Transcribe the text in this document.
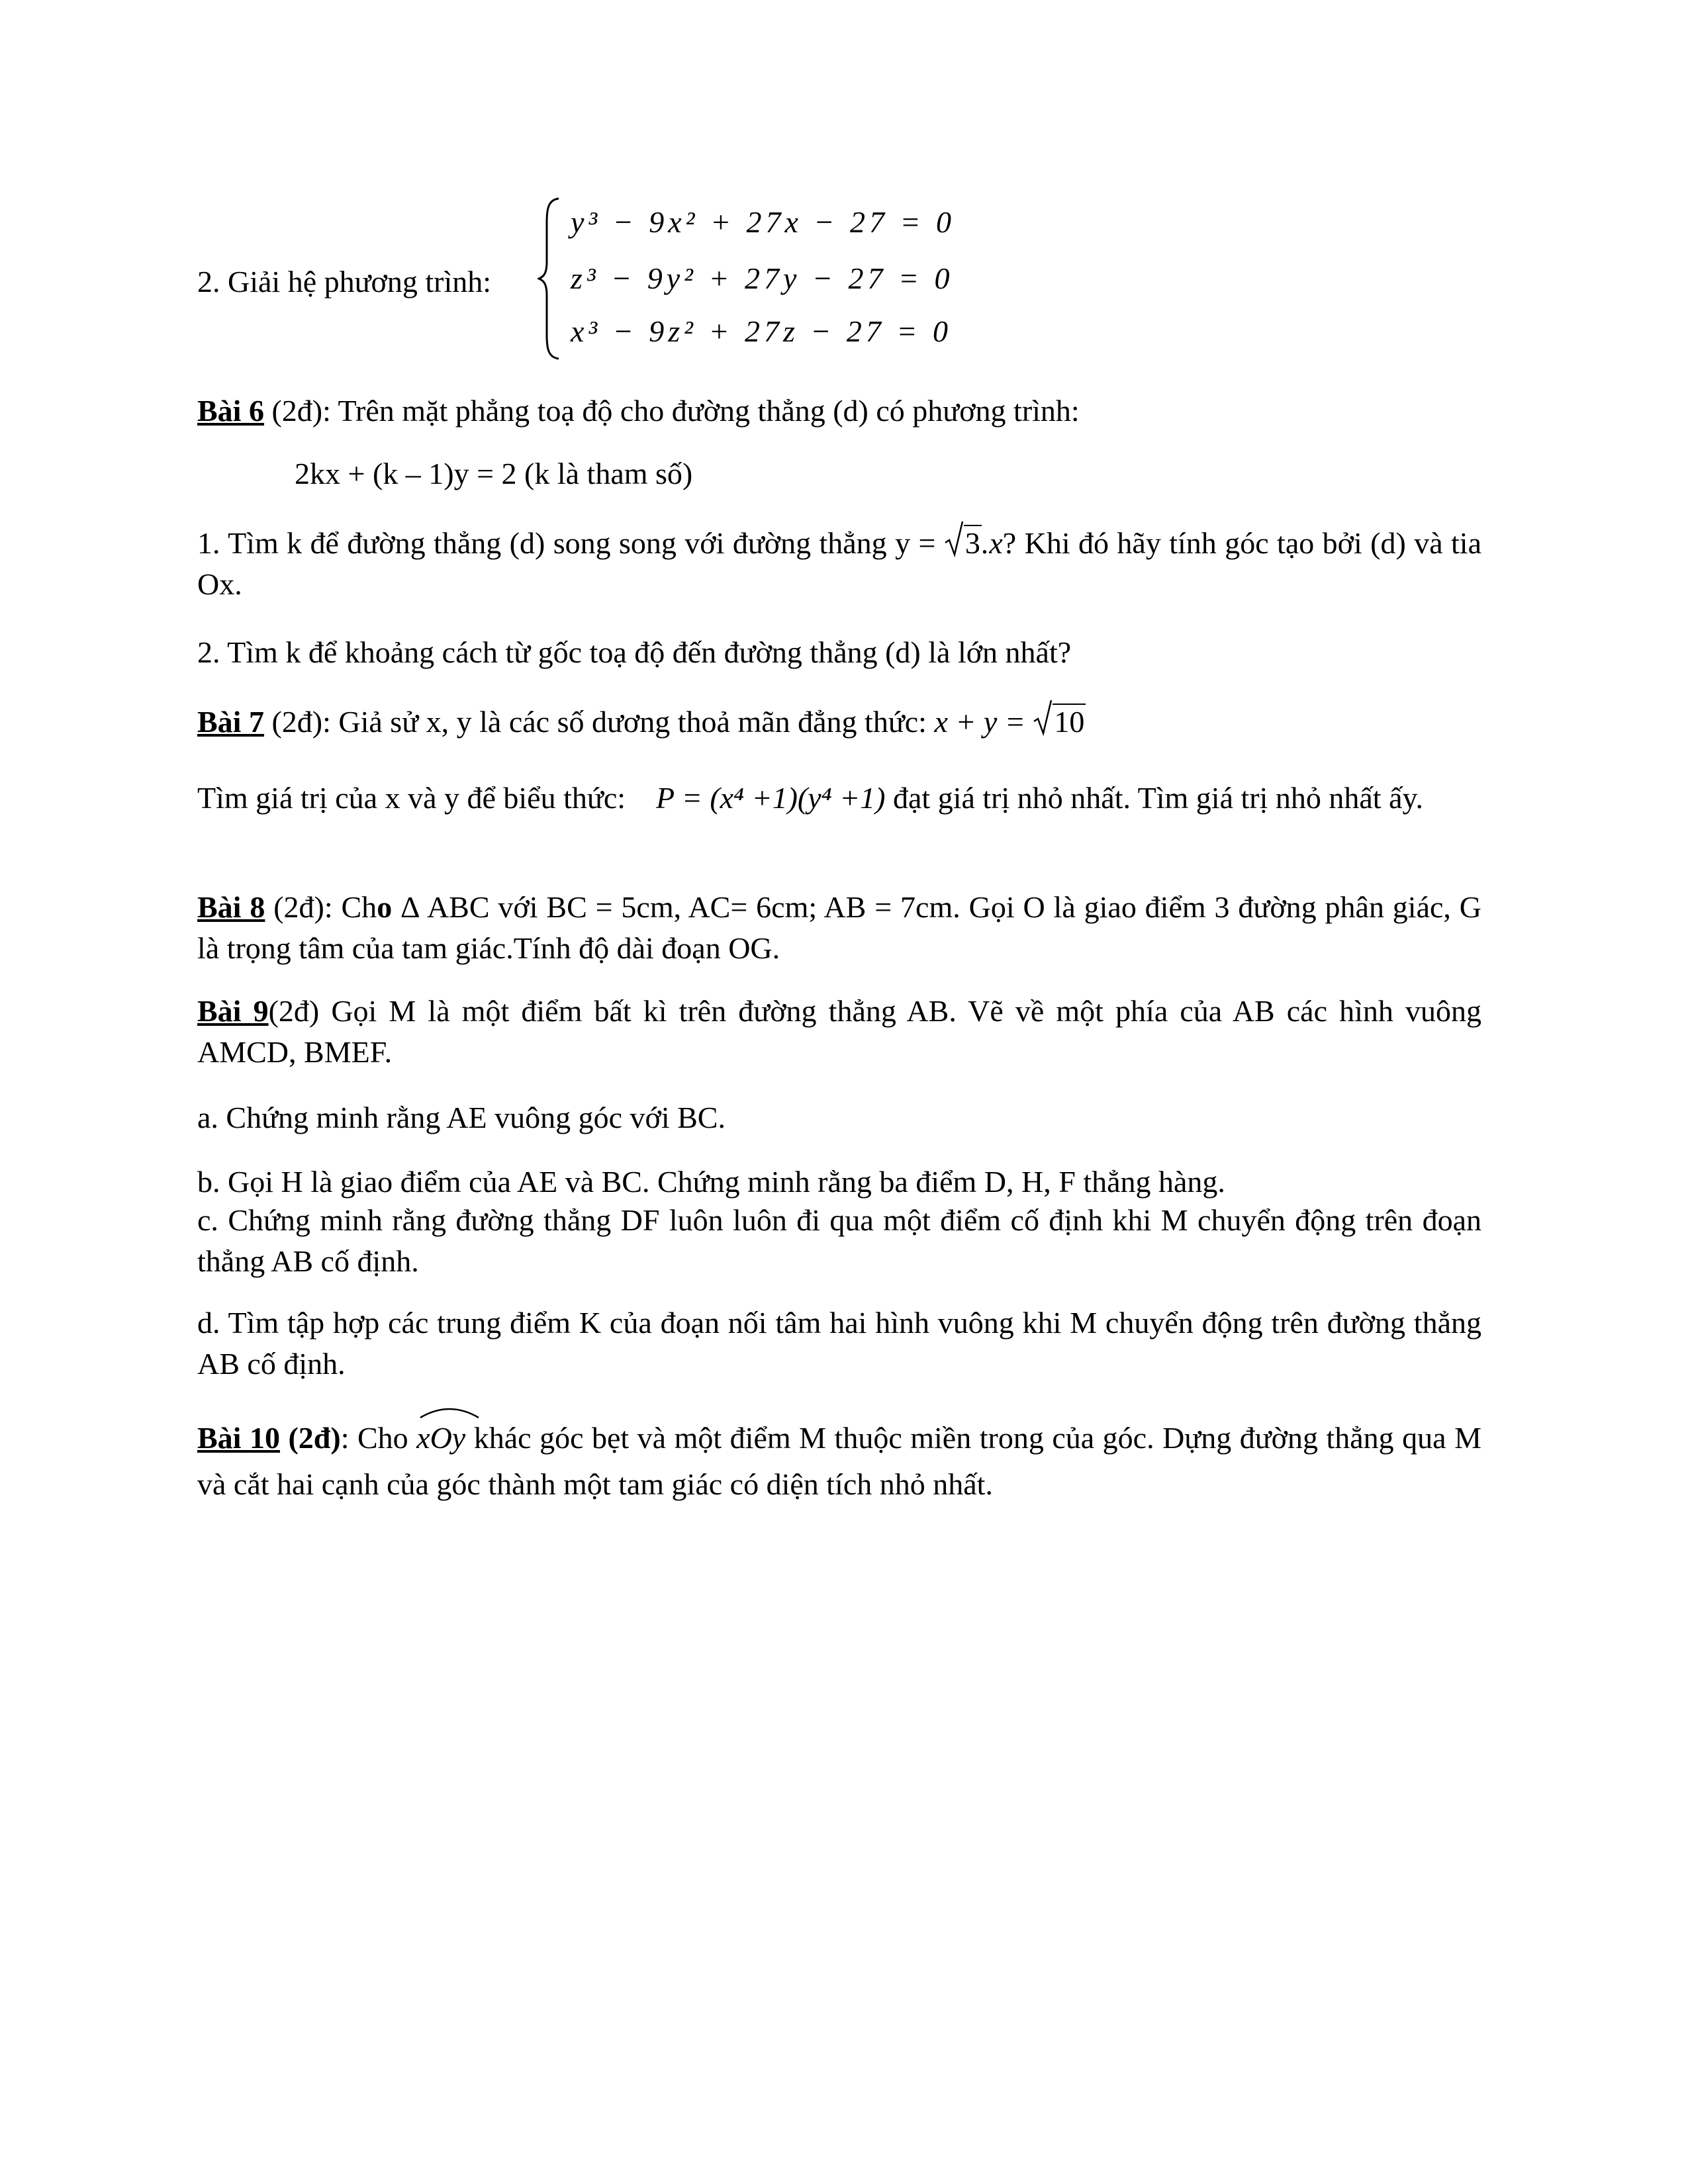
2. Giải hệ phương trình:
y³ − 9x² + 27x − 27 = 0
z³ − 9y² + 27y − 27 = 0
x³ − 9z² + 27z − 27 = 0

Bài 6 (2đ): Trên mặt phẳng toạ độ cho đường thẳng (d) có phương trình:

2kx + (k – 1)y = 2 (k là tham số)

1. Tìm k để đường thẳng (d) song song với đường thẳng y =
3.x? Khi đó hãy tính góc tạo bởi (d) và tia Ox.

2. Tìm k để khoảng cách từ gốc toạ độ đến đường thẳng (d) là lớn nhất?

Bài 7 (2đ): Giả sử x, y là các số dương thoả mãn đẳng thức: x + y =
10

Tìm giá trị của x và y để biểu thức:    P = (x⁴ +1)(y⁴ +1) đạt giá trị nhỏ nhất. Tìm giá trị nhỏ nhất ấy.

Bài 8 (2đ): Cho Δ ABC với BC = 5cm, AC= 6cm; AB = 7cm. Gọi O là giao điểm 3 đường phân giác, G là trọng tâm của tam giác.Tính độ dài đoạn OG.

Bài 9(2đ) Gọi M là một điểm bất kì trên đường thẳng AB. Vẽ về một phía của AB các hình vuông AMCD, BMEF.

a. Chứng minh rằng AE vuông góc với BC.

b. Gọi H là giao điểm của AE và BC. Chứng minh rằng ba điểm D, H, F thẳng hàng.

c. Chứng minh rằng đường thẳng DF luôn luôn đi qua một điểm cố định khi M chuyển động trên đoạn thẳng AB cố định.

d. Tìm tập hợp các trung điểm K của đoạn nối tâm hai hình vuông khi M chuyển động trên đường thẳng AB cố định.

Bài 10 (2đ): Cho
xOy khác góc bẹt và một điểm M thuộc miền trong của góc. Dựng đường thẳng qua M và cắt hai cạnh của góc thành một tam giác có diện tích nhỏ nhất.
